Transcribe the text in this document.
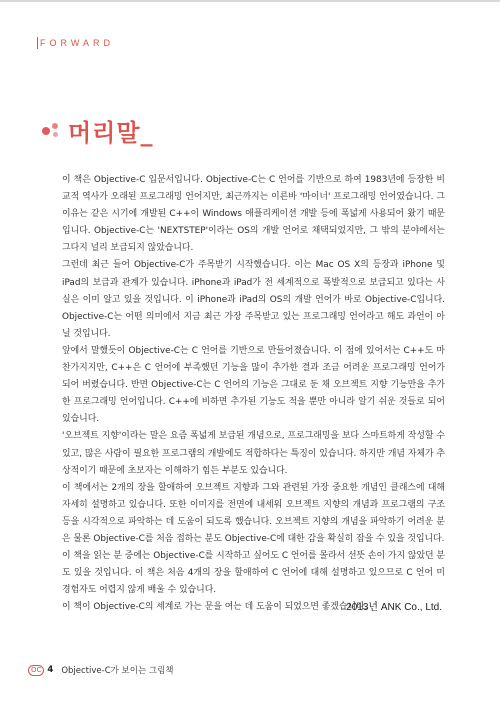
FORWARD
머리말_

이 책은 Objective-C 입문서입니다. Objective-C는 C 언어를 기반으로 하여 1983년에 등장한 비교적 역사가 오래된 프로그래밍 언어지만, 최근까지는 이른바 '마이너' 프로그래밍 언어였습니다. 그 이유는 같은 시기에 개발된 C++이 Windows 애플리케이션 개발 등에 폭넓게 사용되어 왔기 때문입니다. Objective-C는 'NEXTSTEP'이라는 OS의 개발 언어로 채택되었지만, 그 밖의 분야에서는 그다지 널리 보급되지 않았습니다.

그런데 최근 들어 Objective-C가 주목받기 시작했습니다. 이는 Mac OS X의 등장과 iPhone 및 iPad의 보급과 관계가 있습니다. iPhone과 iPad가 전 세계적으로 폭발적으로 보급되고 있다는 사실은 이미 알고 있을 것입니다. 이 iPhone과 iPad의 OS의 개발 언어가 바로 Objective-C입니다. Objective-C는 어떤 의미에서 지금 최근 가장 주목받고 있는 프로그래밍 언어라고 해도 과언이 아닐 것입니다.

앞에서 말했듯이 Objective-C는 C 언어를 기반으로 만들어졌습니다. 이 점에 있어서는 C++도 마찬가지지만, C++은 C 언어에 부족했던 기능을 많이 추가한 결과 조금 어려운 프로그래밍 언어가 되어 버렸습니다. 반면 Objective-C는 C 언어의 기능은 그대로 둔 채 오브젝트 지향 기능만을 추가한 프로그래밍 언어입니다. C++에 비하면 추가된 기능도 적을 뿐만 아니라 알기 쉬운 것들로 되어 있습니다.

'오브젝트 지향'이라는 말은 요즘 폭넓게 보급된 개념으로, 프로그래밍을 보다 스마트하게 작성할 수 있고, 많은 사람이 필요한 프로그램의 개발에도 적합하다는 특징이 있습니다. 하지만 개념 자체가 추상적이기 때문에 초보자는 이해하기 힘든 부분도 있습니다.

이 책에서는 2개의 장을 할애하여 오브젝트 지향과 그와 관련된 가장 중요한 개념인 클래스에 대해 자세히 설명하고 있습니다. 또한 이미지를 전면에 내세워 오브젝트 지향의 개념과 프로그램의 구조 등을 시각적으로 파악하는 데 도움이 되도록 했습니다. 오브젝트 지향의 개념을 파악하기 어려운 분은 물론 Objective-C를 처음 접하는 분도 Objective-C에 대한 감을 확실히 잡을 수 있을 것입니다.

이 책을 읽는 분 중에는 Objective-C를 시작하고 싶어도 C 언어를 몰라서 선뜻 손이 가지 않았던 분도 있을 것입니다. 이 책은 처음 4개의 장을 할애하여 C 언어에 대해 설명하고 있으므로 C 언어 미경험자도 어렵지 않게 배울 수 있습니다.

이 책이 Objective-C의 세계로 가는 문을 여는 데 도움이 되었으면 좋겠습니다.

2013년 ANK Co., Ltd.
OC 4 Objective-C가 보이는 그림책
